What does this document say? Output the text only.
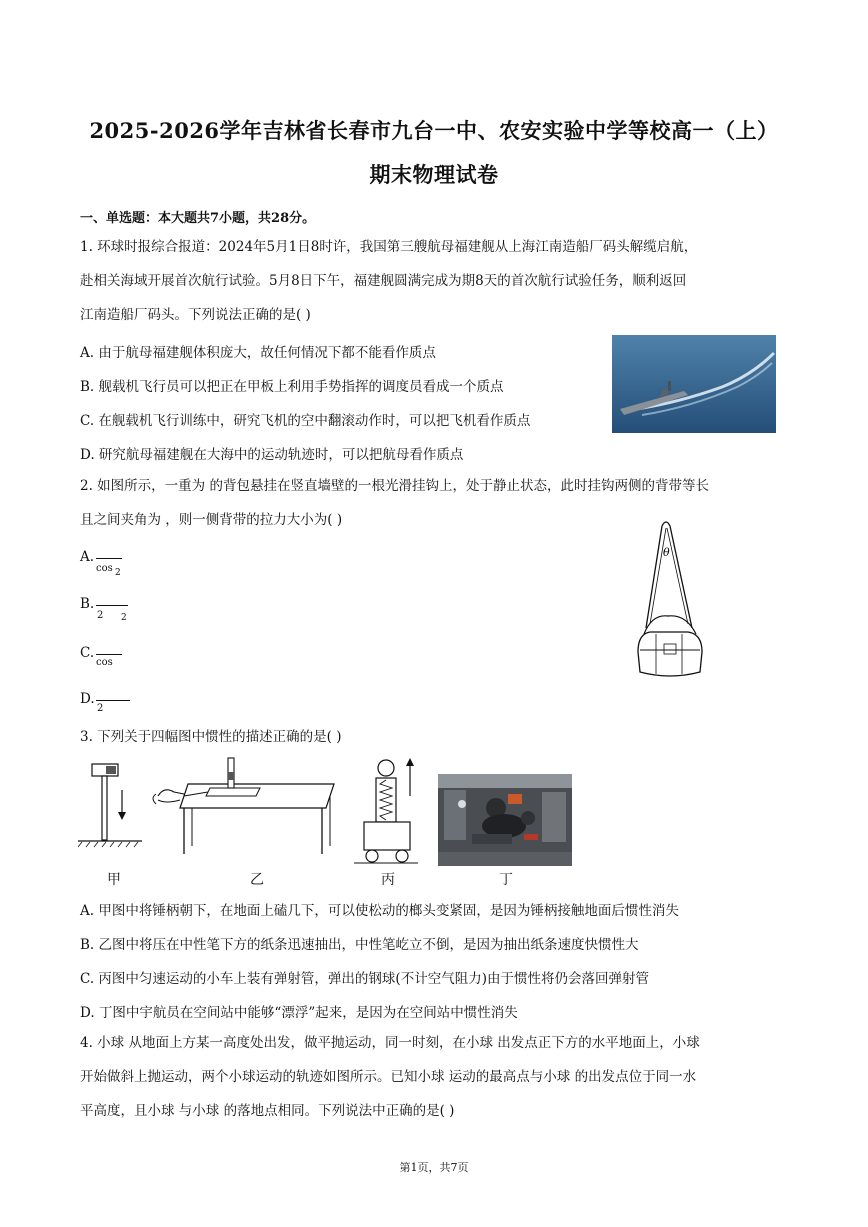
2025-2026学年吉林省长春市九台一中、农安实验中学等校高一（上）
期末物理试卷
一、单选题：本大题共7小题，共28分。
1. 环球时报综合报道：2024年5月1日8时许，我国第三艘航母福建舰从上海江南造船厂码头解缆启航，
赴相关海域开展首次航行试验。5月8日下午，福建舰圆满完成为期8天的首次航行试验任务，顺利返回
江南造船厂码头。下列说法正确的是( )
A. 由于航母福建舰体积庞大，故任何情况下都不能看作质点
B. 舰载机飞行员可以把正在甲板上利用手势指挥的调度员看成一个质点
C. 在舰载机飞行训练中，研究飞机的空中翻滚动作时，可以把飞机看作质点
D. 研究航母福建舰在大海中的运动轨迹时，可以把航母看作质点
2. 如图所示，一重为 的背包悬挂在竖直墙壁的一根光滑挂钩上，处于静止状态，此时挂钩两侧的背带等长
且之间夹角为 ，则一侧背带的拉力大小为( )
A.
cos 2
B.
2 2
C.
cos
D.
2
θ
3. 下列关于四幅图中惯性的描述正确的是( )
甲	乙	丙	丁
A. 甲图中将锤柄朝下，在地面上磕几下，可以使松动的榔头变紧固，是因为锤柄接触地面后惯性消失
B. 乙图中将压在中性笔下方的纸条迅速抽出，中性笔屹立不倒，是因为抽出纸条速度快惯性大
C. 丙图中匀速运动的小车上装有弹射管，弹出的钢球(不计空气阻力)由于惯性将仍会落回弹射管
D. 丁图中宇航员在空间站中能够“漂浮”起来，是因为在空间站中惯性消失
4. 小球 从地面上方某一高度处出发，做平抛运动，同一时刻，在小球 出发点正下方的水平地面上，小球
开始做斜上抛运动，两个小球运动的轨迹如图所示。已知小球 运动的最高点与小球 的出发点位于同一水
平高度，且小球 与小球 的落地点相同。下列说法中正确的是( )
第1页，共7页
